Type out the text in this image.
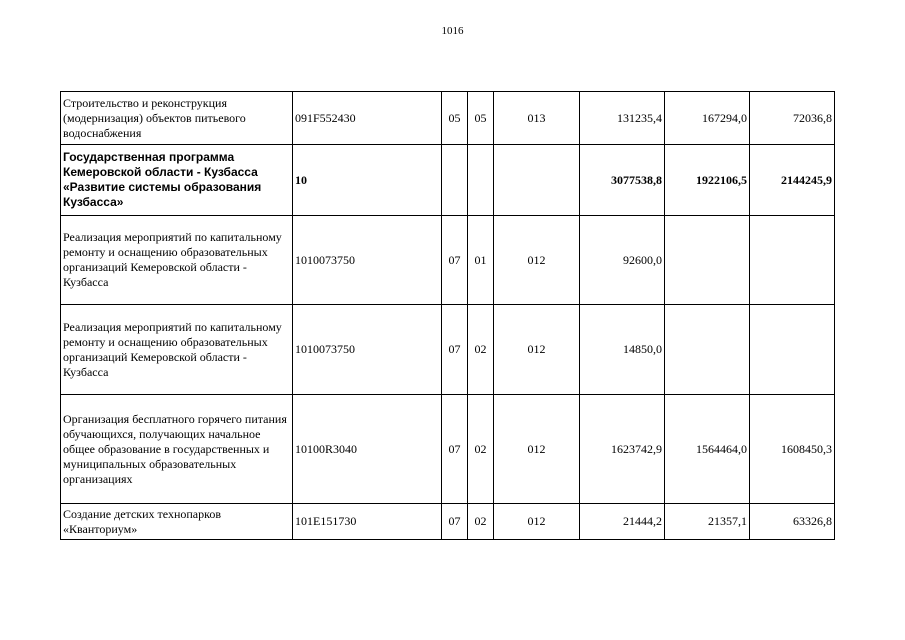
1016
Строительство и реконструкция (модернизация) объектов питьевого водоснабжения	091F552430	05	05	013	131235,4	167294,0	72036,8
Государственная программа Кемеровской области - Кузбасса «Развитие системы образования Кузбасса»	10				3077538,8	1922106,5	2144245,9
Реализация мероприятий по капитальному ремонту и оснащению образовательных организаций Кемеровской области - Кузбасса	1010073750	07	01	012	92600,0		
Реализация мероприятий по капитальному ремонту и оснащению образовательных организаций Кемеровской области - Кузбасса	1010073750	07	02	012	14850,0		
Организация бесплатного горячего питания обучающихся, получающих начальное общее образование в государственных и муниципальных образовательных организациях	10100R3040	07	02	012	1623742,9	1564464,0	1608450,3
Создание детских технопарков «Кванториум»	101E151730	07	02	012	21444,2	21357,1	63326,8
